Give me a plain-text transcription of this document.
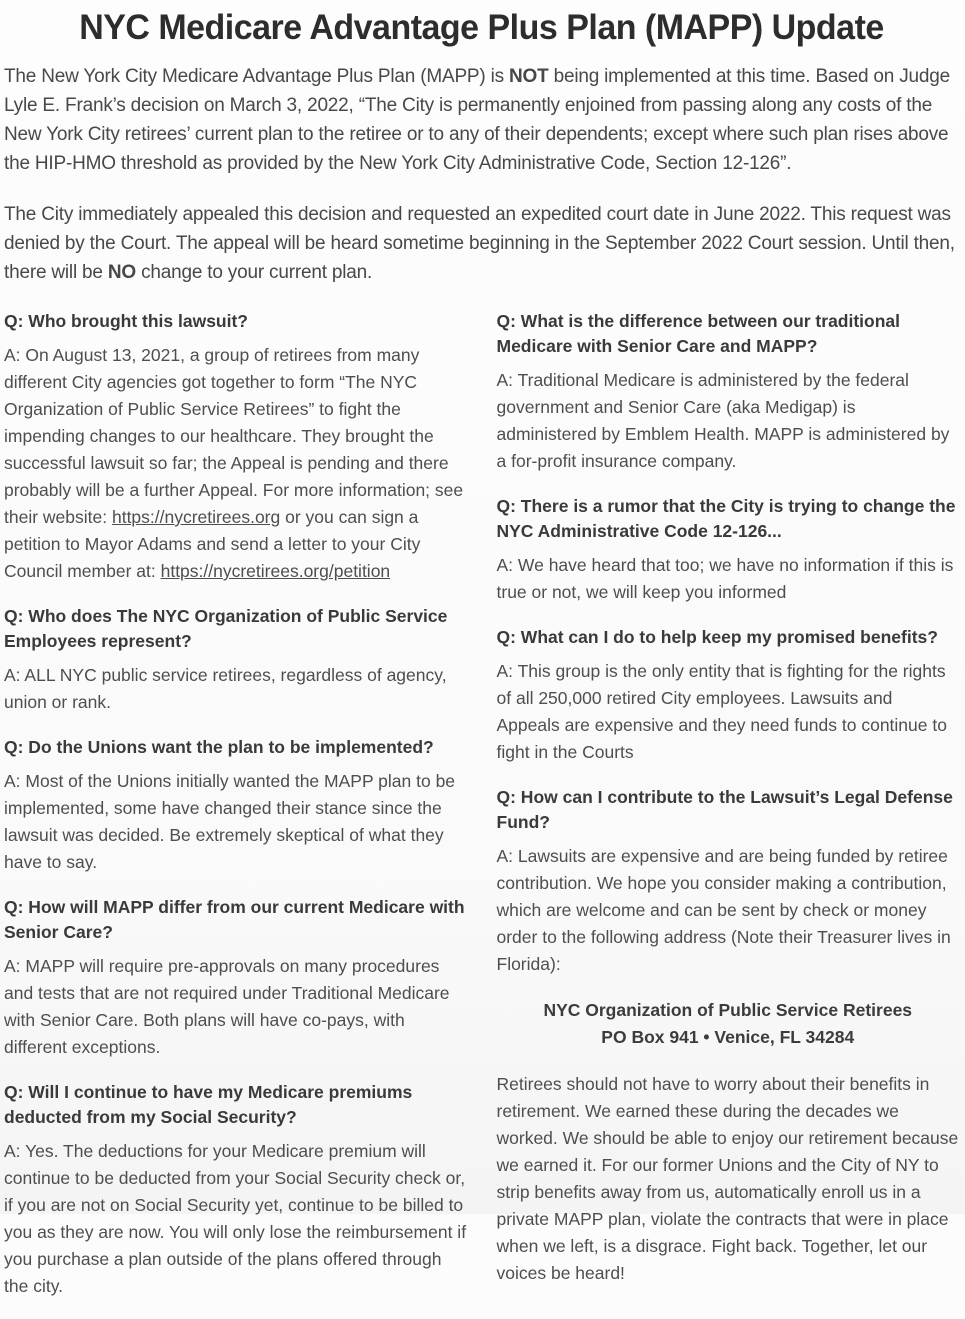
NYC Medicare Advantage Plus Plan (MAPP) Update

The New York City Medicare Advantage Plus Plan (MAPP) is NOT being implemented at this time. Based on Judge Lyle E. Frank’s decision on March 3, 2022, “The City is permanently enjoined from passing along any costs of the New York City retirees’ current plan to the retiree or to any of their dependents; except where such plan rises above the HIP-HMO threshold as provided by the New York City Administrative Code, Section 12-126”.

The City immediately appealed this decision and requested an expedited court date in June 2022. This request was denied by the Court. The appeal will be heard sometime beginning in the September 2022 Court session. Until then, there will be NO change to your current plan.

Q: Who brought this lawsuit?

A: On August 13, 2021, a group of retirees from many different City agencies got together to form “The NYC Organization of Public Service Retirees” to fight the impending changes to our healthcare. They brought the successful lawsuit so far; the Appeal is pending and there probably will be a further Appeal. For more information; see their website: https://nycretirees.org or you can sign a petition to Mayor Adams and send a letter to your City Council member at: https://nycretirees.org/petition

Q: Who does The NYC Organization of Public Service Employees represent?

A: ALL NYC public service retirees, regardless of agency, union or rank.

Q: Do the Unions want the plan to be implemented?

A: Most of the Unions initially wanted the MAPP plan to be implemented, some have changed their stance since the lawsuit was decided. Be extremely skeptical of what they have to say.

Q: How will MAPP differ from our current Medicare with Senior Care?

A: MAPP will require pre-approvals on many procedures and tests that are not required under Traditional Medicare with Senior Care. Both plans will have co-pays, with different exceptions.

Q: Will I continue to have my Medicare premiums deducted from my Social Security?

A: Yes. The deductions for your Medicare premium will continue to be deducted from your Social Security check or, if you are not on Social Security yet, continue to be billed to you as they are now. You will only lose the reimbursement if you purchase a plan outside of the plans offered through the city.

Q: What is the difference between our traditional Medicare with Senior Care and MAPP?

A: Traditional Medicare is administered by the federal government and Senior Care (aka Medigap) is administered by Emblem Health. MAPP is administered by a for-profit insurance company.

Q: There is a rumor that the City is trying to change the NYC Administrative Code 12-126...

A: We have heard that too; we have no information if this is true or not, we will keep you informed

Q: What can I do to help keep my promised benefits?

A: This group is the only entity that is fighting for the rights of all 250,000 retired City employees. Lawsuits and Appeals are expensive and they need funds to continue to fight in the Courts

Q: How can I contribute to the Lawsuit’s Legal Defense Fund?

A: Lawsuits are expensive and are being funded by retiree contribution. We hope you consider making a contribution, which are welcome and can be sent by check or money order to the following address (Note their Treasurer lives in Florida):

NYC Organization of Public Service Retirees
PO Box 941 • Venice, FL 34284

Retirees should not have to worry about their benefits in retirement. We earned these during the decades we worked. We should be able to enjoy our retirement because we earned it. For our former Unions and the City of NY to strip benefits away from us, automatically enroll us in a private MAPP plan, violate the contracts that were in place when we left, is a disgrace. Fight back. Together, let our voices be heard!
